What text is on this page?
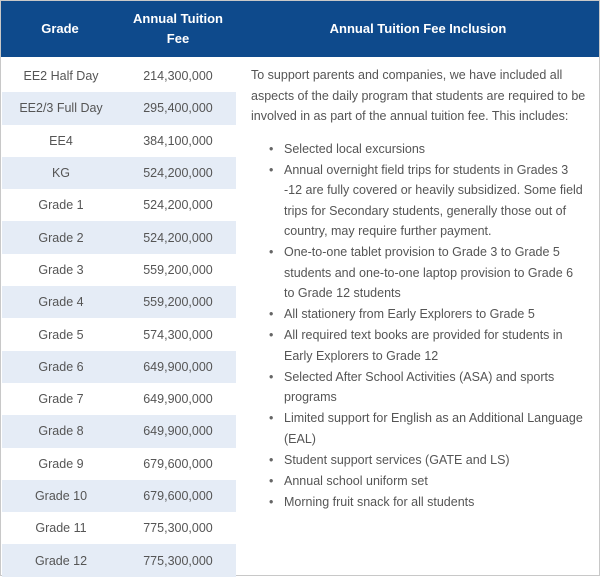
Grade
Annual Tuition
Fee
Annual Tuition Fee Inclusion
EE2 Half Day	214,300,000
EE2/3 Full Day	295,400,000
EE4	384,100,000
KG	524,200,000
Grade 1	524,200,000
Grade 2	524,200,000
Grade 3	559,200,000
Grade 4	559,200,000
Grade 5	574,300,000
Grade 6	649,900,000
Grade 7	649,900,000
Grade 8	649,900,000
Grade 9	679,600,000
Grade 10	679,600,000
Grade 11	775,300,000
Grade 12	775,300,000

To support parents and companies, we have included all aspects of the daily program that students are required to be involved in as part of the annual tuition fee. This includes:

• Selected local excursions
• Annual overnight field trips for students in Grades 3 -12 are fully covered or heavily subsidized. Some field trips for Secondary students, generally those out of country, may require further payment.
• One-to-one tablet provision to Grade 3 to Grade 5 students and one-to-one laptop provision to Grade 6 to Grade 12 students
• All stationery from Early Explorers to Grade 5
• All required text books are provided for students in Early Explorers to Grade 12
• Selected After School Activities (ASA) and sports programs
• Limited support for English as an Additional Language (EAL)
• Student support services (GATE and LS)
• Annual school uniform set
• Morning fruit snack for all students
